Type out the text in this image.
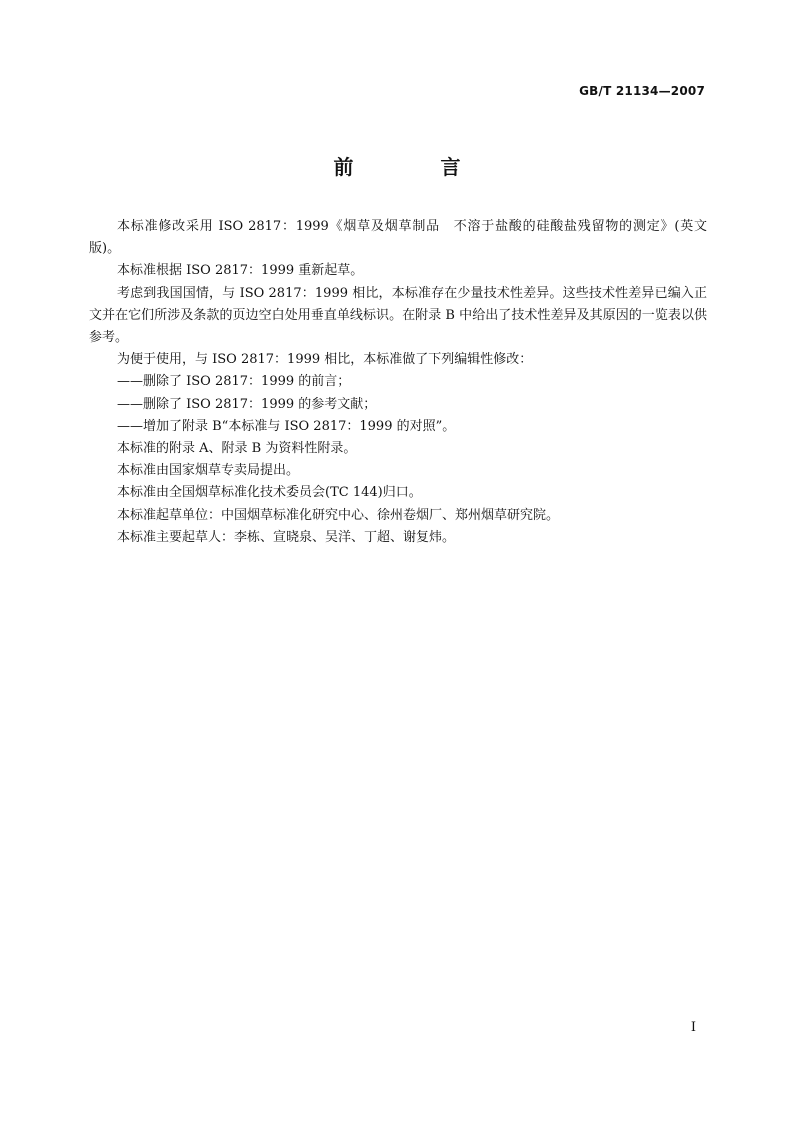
GB/T 21134—2007
前 言

本标准修改采用 ISO 2817：1999《烟草及烟草制品　不溶于盐酸的硅酸盐残留物的测定》(英文版)。

本标准根据 ISO 2817：1999 重新起草。

考虑到我国国情，与 ISO 2817：1999 相比，本标准存在少量技术性差异。这些技术性差异已编入正文并在它们所涉及条款的页边空白处用垂直单线标识。在附录 B 中给出了技术性差异及其原因的一览表以供参考。

为便于使用，与 ISO 2817：1999 相比，本标准做了下列编辑性修改：

——删除了 ISO 2817：1999 的前言；

——删除了 ISO 2817：1999 的参考文献；

——增加了附录 B“本标准与 ISO 2817：1999 的对照”。

本标准的附录 A、附录 B 为资料性附录。

本标准由国家烟草专卖局提出。

本标准由全国烟草标准化技术委员会(TC 144)归口。

本标准起草单位：中国烟草标准化研究中心、徐州卷烟厂、郑州烟草研究院。

本标准主要起草人：李栋、宣晓泉、吴洋、丁超、谢复炜。

I
